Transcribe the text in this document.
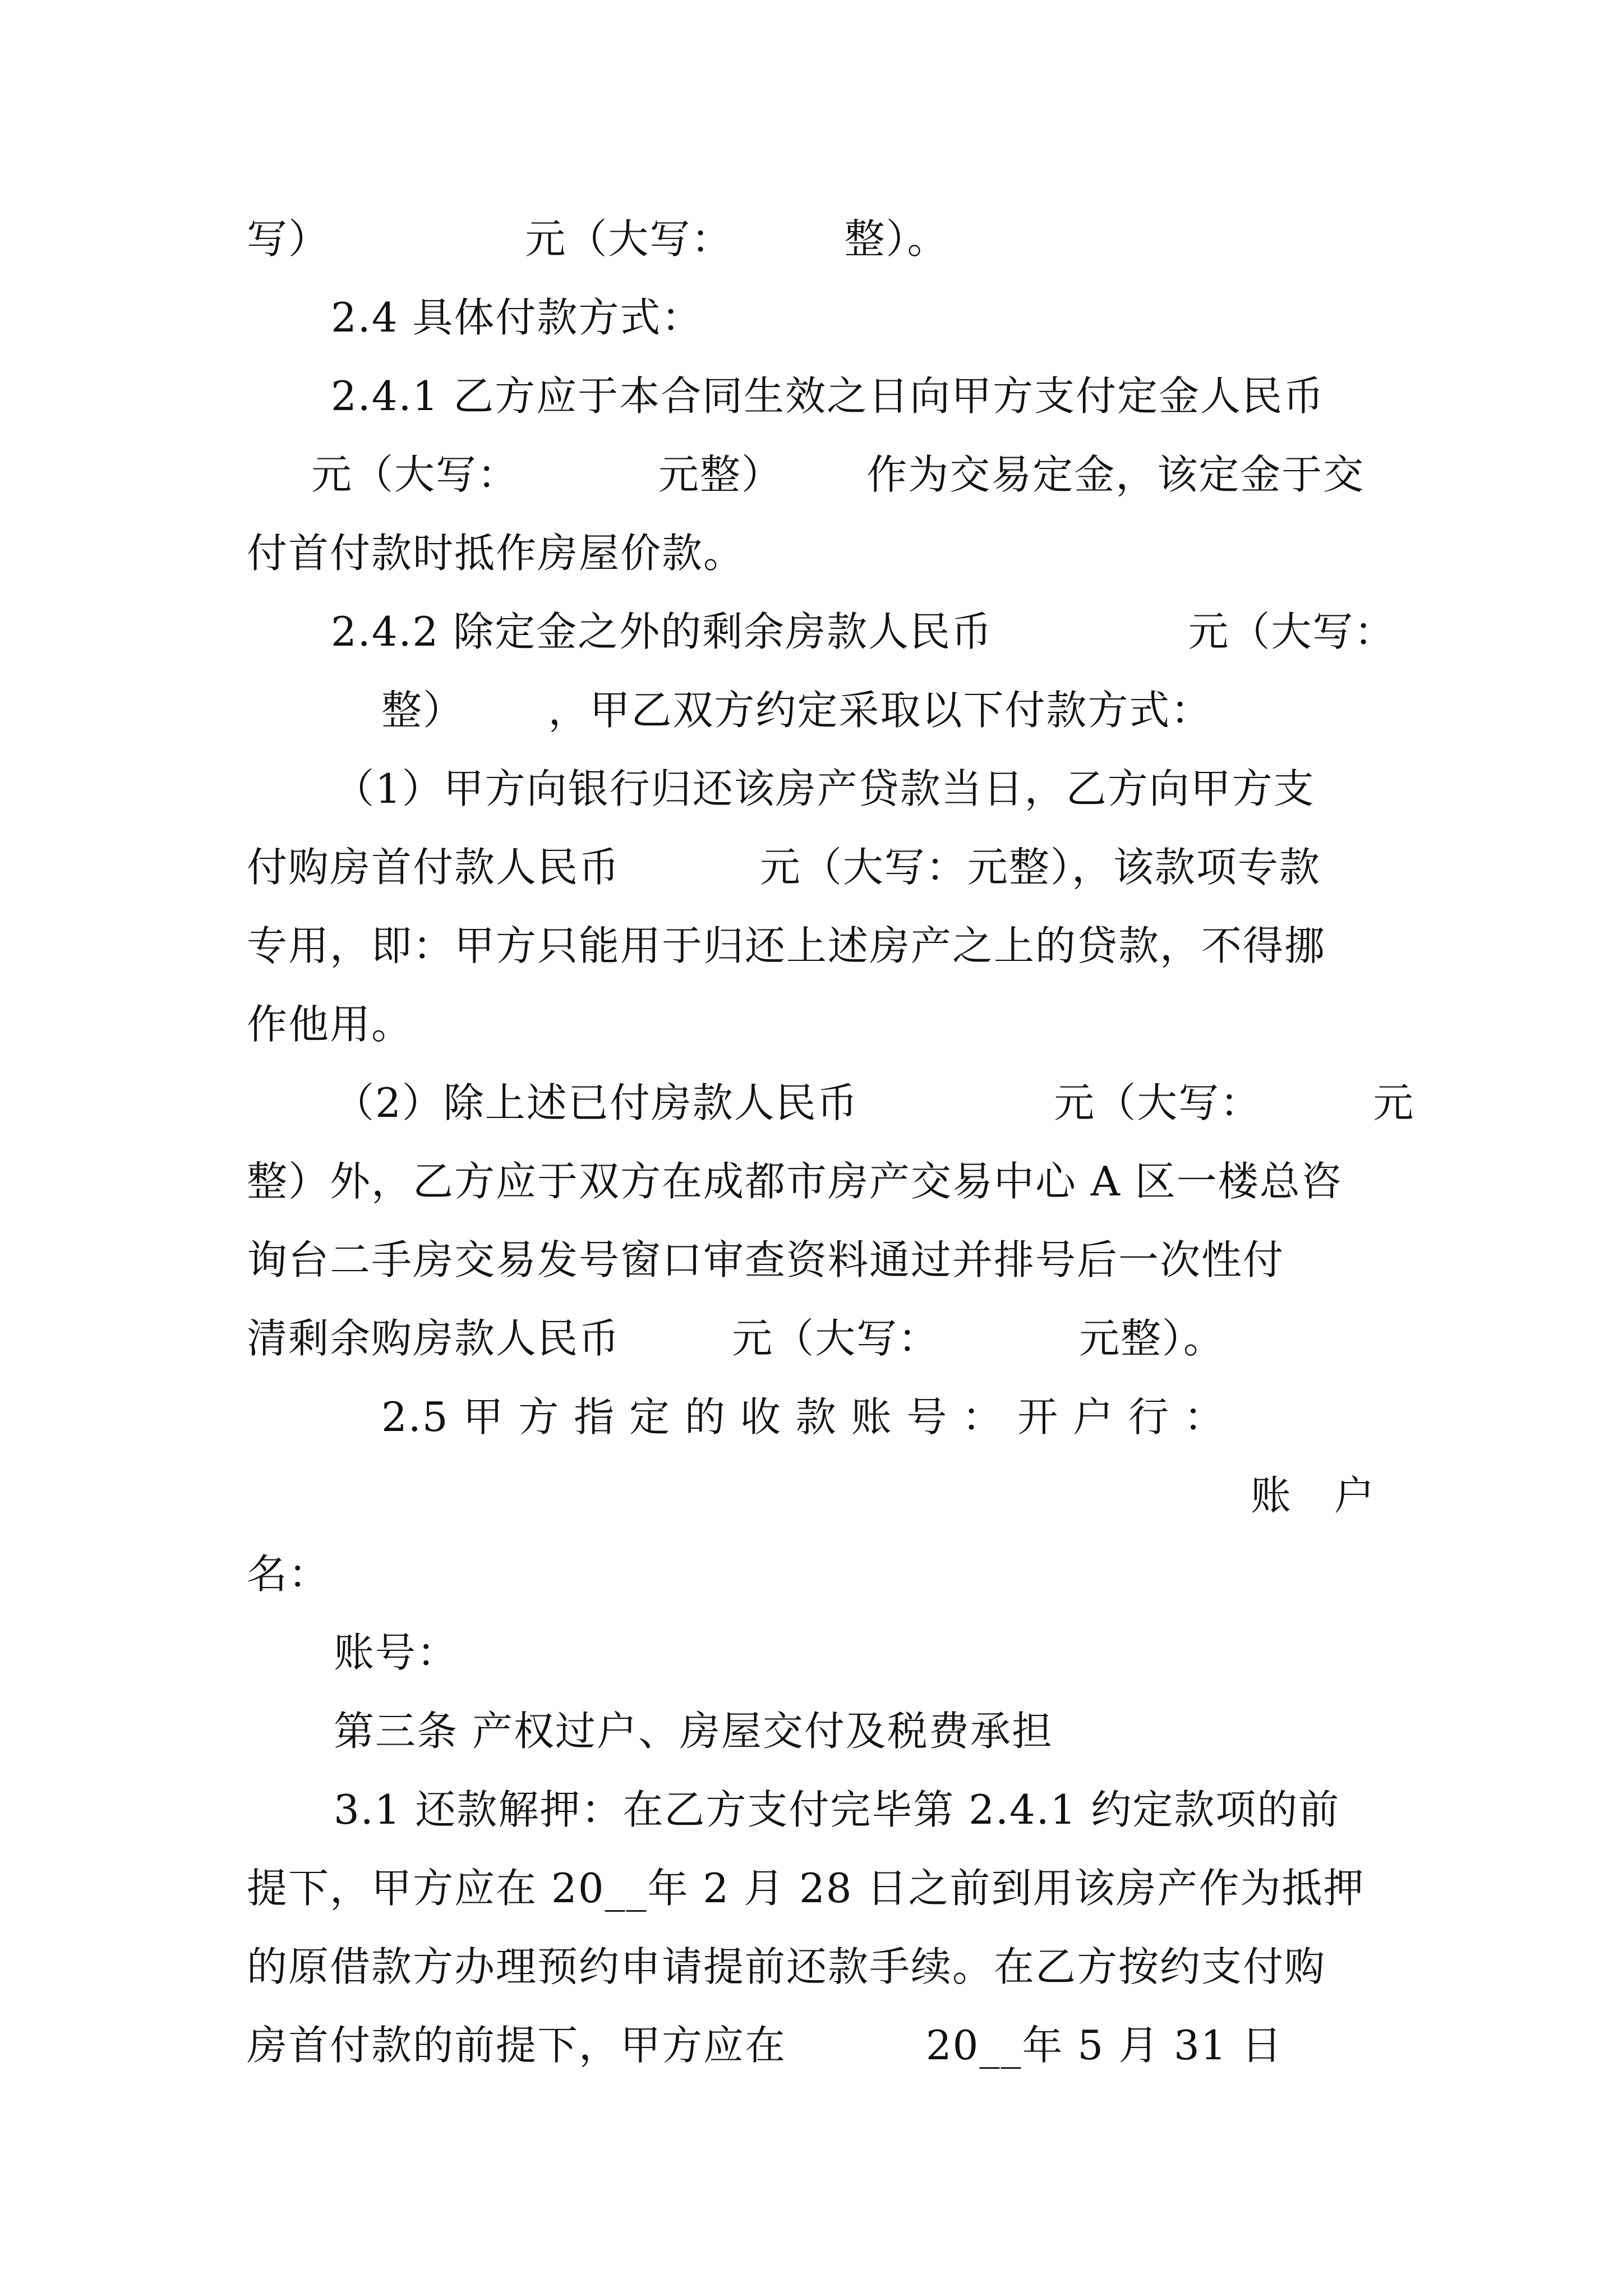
写）              元（大写：        整）。
2.4 具体付款方式：
2.4.1 乙方应于本合同生效之日向甲方支付定金人民币
元（大写：          元整）      作为交易定金，该定金于交
付首付款时抵作房屋价款。
2.4.2 除定金之外的剩余房款人民币              元（大写：
整）      ，甲乙双方约定采取以下付款方式：
（1）甲方向银行归还该房产贷款当日，乙方向甲方支
付购房首付款人民币          元（大写：元整），该款项专款
专用，即：甲方只能用于归还上述房产之上的贷款，不得挪
作他用。
（2）除上述已付房款人民币              元（大写：        元
整）外，乙方应于双方在成都市房产交易中心 A 区一楼总咨
询台二手房交易发号窗口审查资料通过并排号后一次性付
清剩余购房款人民币        元（大写：          元整）。
2.5 甲 方 指 定 的 收 款 账 号 ： 开 户 行 ：
账   户
名：
账号：
第三条 产权过户、房屋交付及税费承担
3.1 还款解押：在乙方支付完毕第 2.4.1 约定款项的前
提下，甲方应在 20__年 2 月 28 日之前到用该房产作为抵押
的原借款方办理预约申请提前还款手续。在乙方按约支付购
房首付款的前提下，甲方应在          20__年 5 月 31 日
